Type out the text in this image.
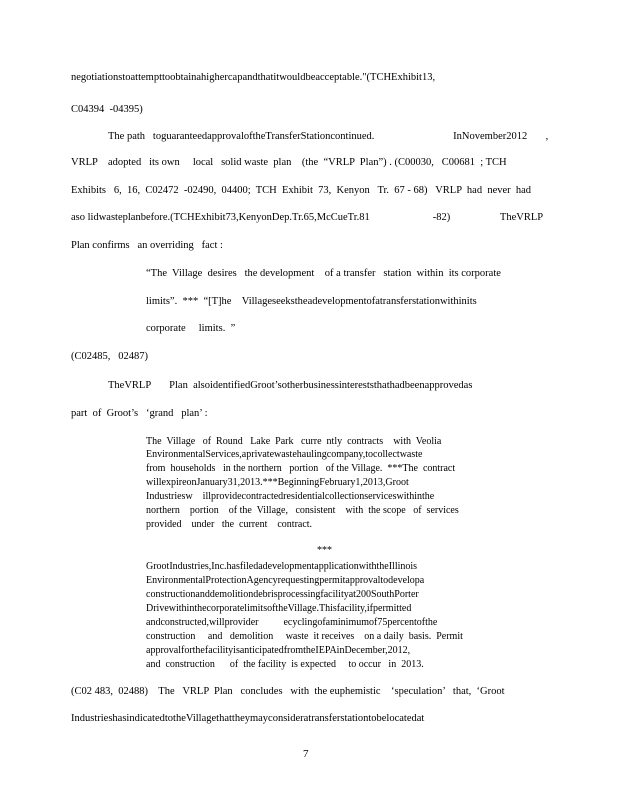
negotiationstoattempttoobtainahighercapandthatitwouldbeacceptable."(TCHExhibit13,
C04394  -04395)
The path   toguaranteedapprovaloftheTransferStationcontinued.                              InNovember2012       ,
VRLP    adopted   its own     local   solid waste  plan    (the  “VRLP  Plan”) . (C00030,   C00681  ; TCH
Exhibits   6,  16,  C02472  -02490,  04400;  TCH  Exhibit  73,  Kenyon   Tr.  67 - 68)   VRLP  had  never  had
aso lidwasteplanbefore.(TCHExhibit73,KenyonDep.Tr.65,McCueTr.81                        -82)                   TheVRLP
Plan confirms   an overriding   fact :
“The  Village  desires   the development    of a transfer   station  within  its corporate
limits”.  ***  “[T]he    Villageseekstheadevelopmentofatransferstationwithinits
corporate     limits.  ”
(C02485,   02487)
TheVRLP       Plan  alsoidentifiedGroot’sotherbusinessintereststhathadbeenapprovedas
part  of  Groot’s   ‘grand   plan’ :
The  Village   of  Round   Lake  Park   curre  ntly  contracts    with  Veolia
EnvironmentalServices,aprivatewastehaulingcompany,tocollectwaste
from  households   in the northern   portion   of the Village.  ***The  contract
willexpireonJanuary31,2013.***BeginningFebruary1,2013,Groot
Industriesw    illprovidecontractedresidentialcollectionserviceswithinthe
northern    portion    of the  Village,   consistent    with  the scope   of  services
provided    under   the  current    contract.
***
GrootIndustries,Inc.hasfiledadevelopmentapplicationwiththeIllinois
EnvironmentalProtectionAgencyrequestingpermitapprovaltodevelopa
constructionanddemolitiondebrisprocessingfacilityat200SouthPorter
DrivewithinthecorporatelimitsoftheVillage.Thisfacility,ifpermitted
andconstructed,willprovider          ecyclingofaminimumof75percentofthe
construction     and   demolition     waste  it receives    on a daily  basis.  Permit
approvalforthefacilityisanticipatedfromtheIEPAinDecember,2012,
and  construction      of  the facility  is expected     to occur   in  2013.
(C02 483,  02488)    The   VRLP  Plan   concludes   with  the euphemistic    ‘speculation’   that,  ‘Groot
IndustrieshasindicatedtotheVillagethattheymayconsideratransferstationtobelocatedat
7
